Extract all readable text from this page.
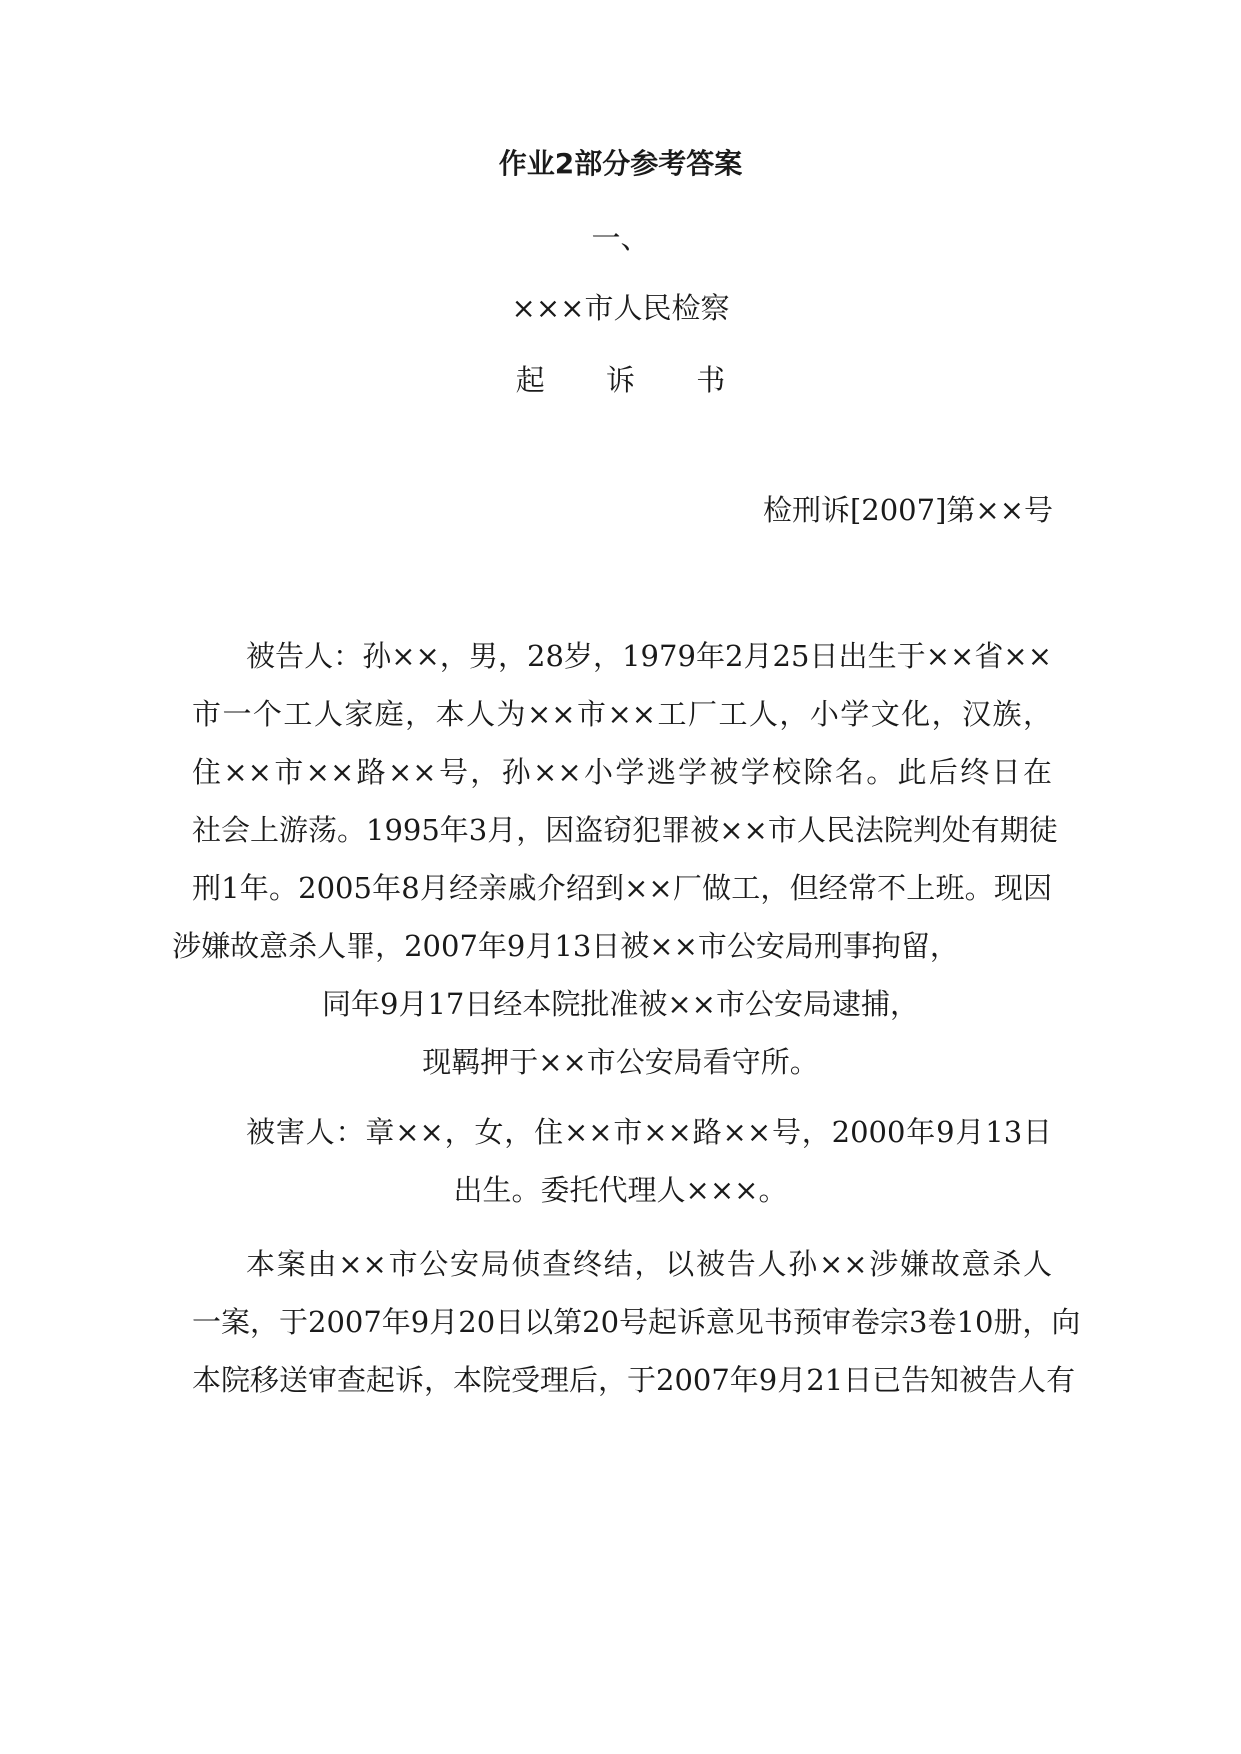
作业2部分参考答案
一、
×××市人民检察
起 诉 书
检刑诉[2007]第××号
被告人：孙××，男，28岁，1979年2月25日出生于××省××
市一个工人家庭，本人为××市××工厂工人，小学文化，汉族，
住××市××路××号，孙××小学逃学被学校除名。此后终日在
社会上游荡。1995年3月，因盗窃犯罪被××市人民法院判处有期徒
刑1年。2005年8月经亲戚介绍到××厂做工，但经常不上班。现因
涉嫌故意杀人罪，2007年9月13日被××市公安局刑事拘留，
同年9月17日经本院批准被××市公安局逮捕，
现羁押于××市公安局看守所。
被害人：章××，女，住××市××路××号，2000年9月13日
出生。委托代理人×××。
本案由××市公安局侦查终结，以被告人孙××涉嫌故意杀人
一案，于2007年9月20日以第20号起诉意见书预审卷宗3卷10册，向
本院移送审查起诉，本院受理后，于2007年9月21日已告知被告人有
